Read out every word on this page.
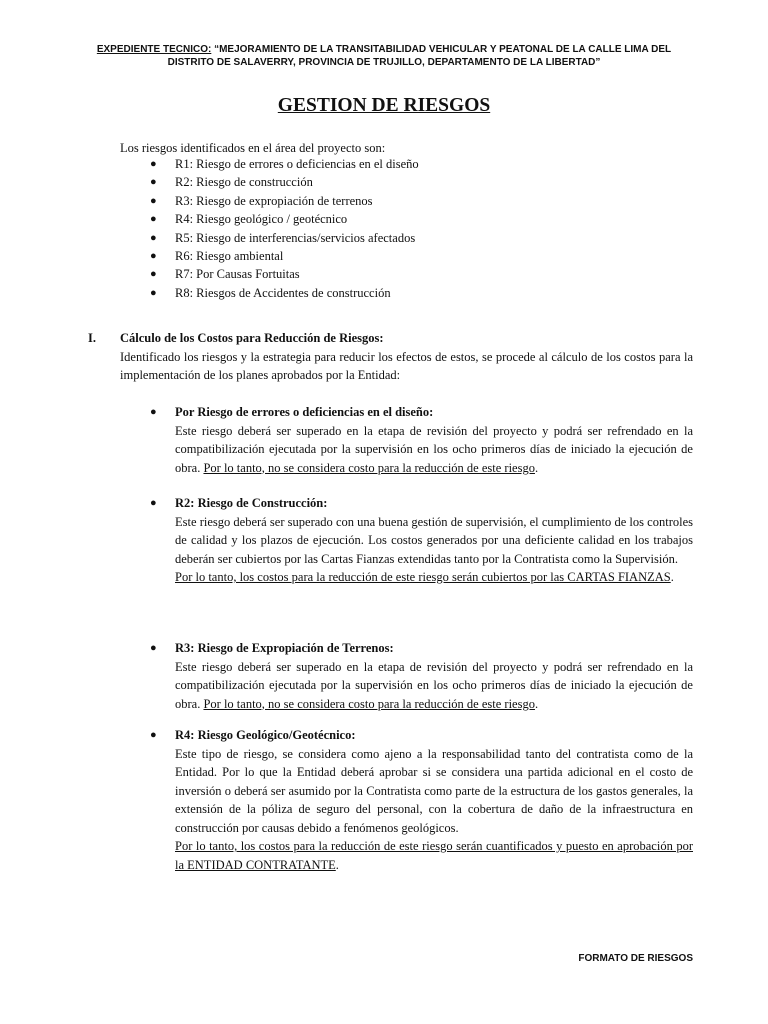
EXPEDIENTE TECNICO: “MEJORAMIENTO DE LA TRANSITABILIDAD VEHICULAR Y PEATONAL DE LA CALLE LIMA DEL
DISTRITO DE SALAVERRY, PROVINCIA DE TRUJILLO, DEPARTAMENTO DE LA LIBERTAD”
GESTION DE RIESGOS
Los riesgos identificados en el área del proyecto son:
● R1: Riesgo de errores o deficiencias en el diseño
● R2: Riesgo de construcción
● R3: Riesgo de expropiación de terrenos
● R4: Riesgo geológico / geotécnico
● R5: Riesgo de interferencias/servicios afectados
● R6: Riesgo ambiental
● R7: Por Causas Fortuitas
● R8: Riesgos de Accidentes de construcción
I. Cálculo de los Costos para Reducción de Riesgos:
Identificado los riesgos y la estrategia para reducir los efectos de estos, se procede al cálculo de los costos para la implementación de los planes aprobados por la Entidad:
● Por Riesgo de errores o deficiencias en el diseño:
Este riesgo deberá ser superado en la etapa de revisión del proyecto y podrá ser refrendado en la compatibilización ejecutada por la supervisión en los ocho primeros días de iniciado la ejecución de obra. Por lo tanto, no se considera costo para la reducción de este riesgo.
● R2: Riesgo de Construcción:
Este riesgo deberá ser superado con una buena gestión de supervisión, el cumplimiento de los controles de calidad y los plazos de ejecución. Los costos generados por una deficiente calidad en los trabajos deberán ser cubiertos por las Cartas Fianzas extendidas tanto por la Contratista como la Supervisión.
Por lo tanto, los costos para la reducción de este riesgo serán cubiertos por las CARTAS FIANZAS.
● R3: Riesgo de Expropiación de Terrenos:
Este riesgo deberá ser superado en la etapa de revisión del proyecto y podrá ser refrendado en la compatibilización ejecutada por la supervisión en los ocho primeros días de iniciado la ejecución de obra. Por lo tanto, no se considera costo para la reducción de este riesgo.
● R4: Riesgo Geológico/Geotécnico:
Este tipo de riesgo, se considera como ajeno a la responsabilidad tanto del contratista como de la Entidad. Por lo que la Entidad deberá aprobar si se considera una partida adicional en el costo de inversión o deberá ser asumido por la Contratista como parte de la estructura de los gastos generales, la extensión de la póliza de seguro del personal, con la cobertura de daño de la infraestructura en construcción por causas debido a fenómenos geológicos.
Por lo tanto, los costos para la reducción de este riesgo serán cuantificados y puesto en aprobación por la ENTIDAD CONTRATANTE.
FORMATO DE RIESGOS
